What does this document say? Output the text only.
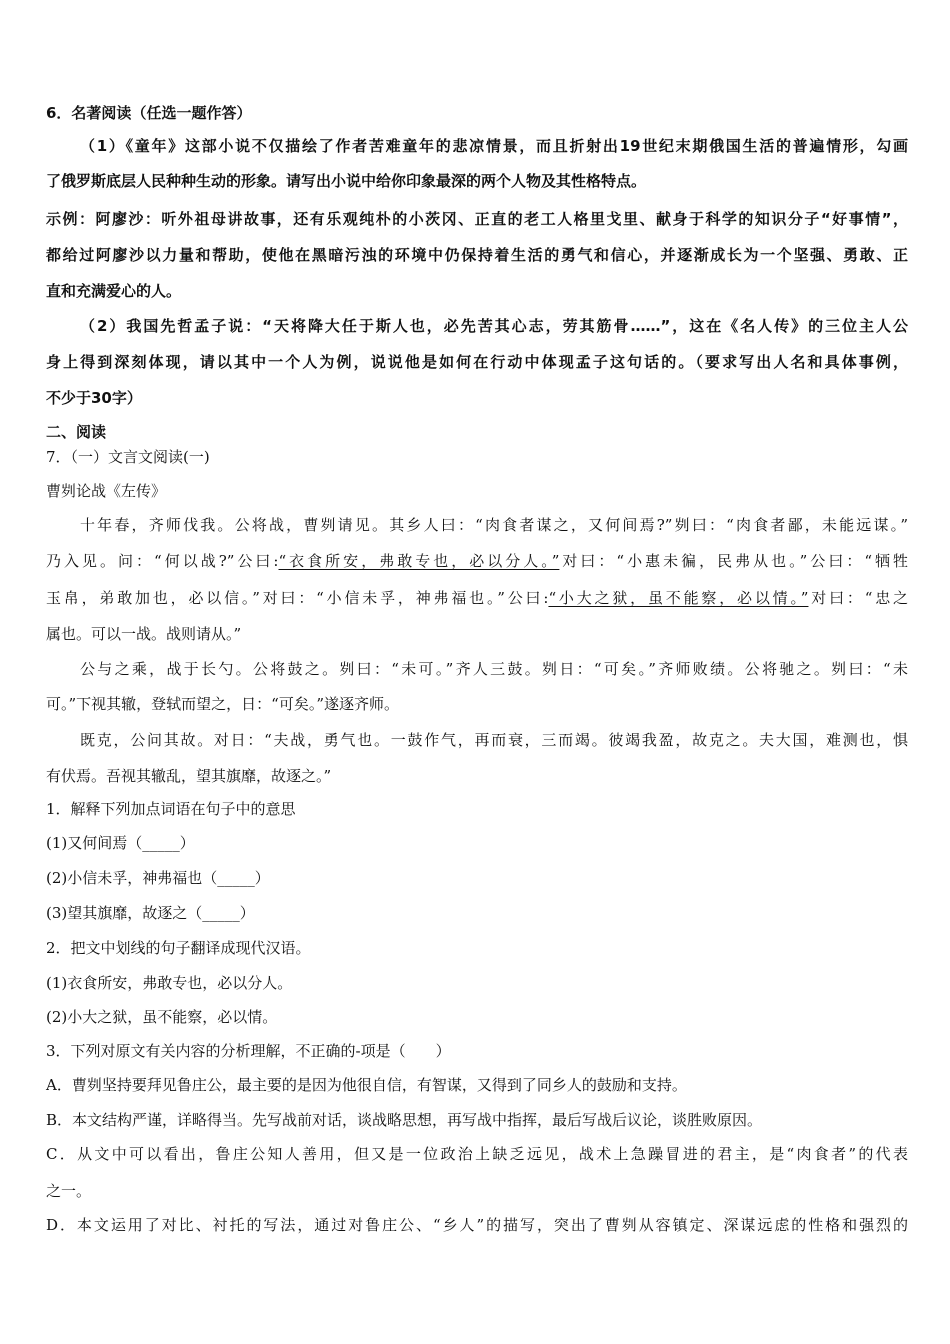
6．名著阅读（任选一题作答）
（1）《童年》这部小说不仅描绘了作者苦难童年的悲凉情景，而且折射出19世纪末期俄国生活的普遍情形，勾画
了俄罗斯底层人民种种生动的形象。请写出小说中给你印象最深的两个人物及其性格特点。
示例：阿廖沙：听外祖母讲故事，还有乐观纯朴的小茨冈、正直的老工人格里戈里、献身于科学的知识分子“好事情”，
都给过阿廖沙以力量和帮助，使他在黑暗污浊的环境中仍保持着生活的勇气和信心，并逐渐成长为一个坚强、勇敢、正
直和充满爱心的人。
（2）我国先哲孟子说：“天将降大任于斯人也，必先苦其心志，劳其筋骨……”，这在《名人传》的三位主人公
身上得到深刻体现，请以其中一个人为例，说说他是如何在行动中体现孟子这句话的。（要求写出人名和具体事例，
不少于30字）
二、阅读
7．（一）文言文阅读(一)
曹刿论战《左传》
十年春，齐师伐我。公将战，曹刿请见。其乡人曰：“肉食者谋之，又何间焉?”刿曰：“肉食者鄙，未能远谋。”
乃入见。问：“何以战?”公曰:“衣食所安，弗敢专也，必以分人。”对曰：“小惠未徧，民弗从也。”公曰：“牺牲
玉帛，弟敢加也，必以信。”对曰：“小信未孚，神弗福也。”公曰:“小大之狱，虽不能察，必以情。”对曰：“忠之
属也。可以一战。战则请从。”
公与之乘，战于长勺。公将鼓之。刿曰：“未可。”齐人三鼓。刿日：“可矣。”齐师败绩。公将驰之。刿曰：“未
可。”下视其辙，登轼而望之，日：“可矣。”遂逐齐师。
既克，公问其故。对日：“夫战，勇气也。一鼓作气，再而衰，三而竭。彼竭我盈，故克之。夫大国，难测也，惧
有伏焉。吾视其辙乱，望其旗靡，故逐之。”
1．解释下列加点词语在句子中的意思
(1)又何间焉（_____）
(2)小信未孚，神弗福也（_____）
(3)望其旗靡，故逐之（_____）
2．把文中划线的句子翻译成现代汉语。
(1)衣食所安，弗敢专也，必以分人。
(2)小大之狱，虽不能察，必以情。
3．下列对原文有关内容的分析理解，不正确的-项是（　　）
A．曹刿坚持要拜见鲁庄公，最主要的是因为他很自信，有智谋，又得到了同乡人的鼓励和支持。
B．本文结构严谨，详略得当。先写战前对话，谈战略思想，再写战中指挥，最后写战后议论，谈胜败原因。
C．从文中可以看出，鲁庄公知人善用，但又是一位政治上缺乏远见，战术上急躁冒进的君主，是“肉食者”的代表
之一。
D．本文运用了对比、衬托的写法，通过对鲁庄公、“乡人”的描写，突出了曹刿从容镇定、深谋远虑的性格和强烈的
